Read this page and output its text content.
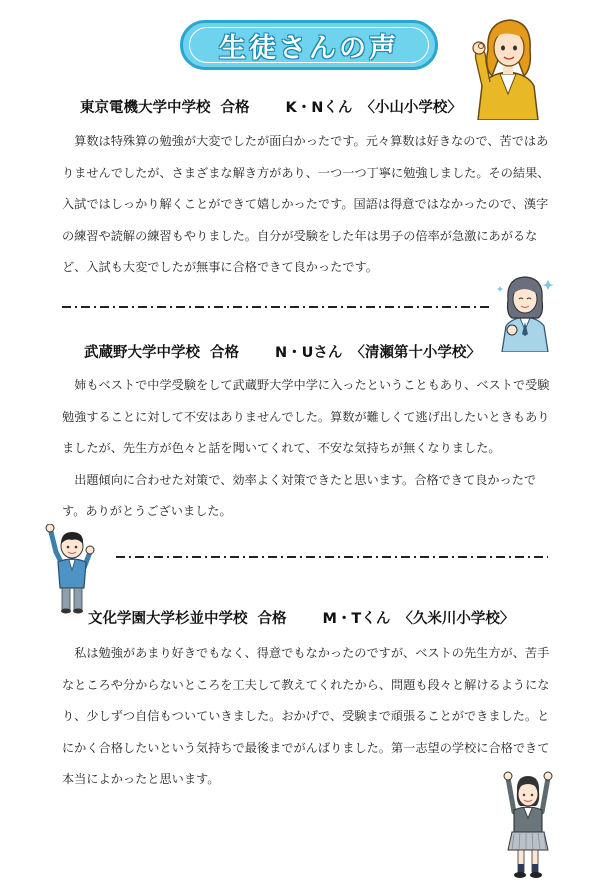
生徒さんの声
東京電機大学中学校 合格 K・Nくん 〈小山小学校〉

算数は特殊算の勉強が大変でしたが面白かったです。元々算数は好きなので、苦ではありませんでしたが、さまざまな解き方があり、一つ一つ丁寧に勉強しました。その結果、入試ではしっかり解くことができて嬉しかったです。国語は得意ではなかったので、漢字の練習や読解の練習もやりました。自分が受験をした年は男子の倍率が急激にあがるなど、入試も大変でしたが無事に合格できて良かったです。

武蔵野大学中学校 合格 N・Uさん 〈清瀬第十小学校〉

姉もベストで中学受験をして武蔵野大学中学に入ったということもあり、ベストで受験勉強することに対して不安はありませんでした。算数が難しくて逃げ出したいときもありましたが、先生方が色々と話を聞いてくれて、不安な気持ちが無くなりました。

出題傾向に合わせた対策で、効率よく対策できたと思います。合格できて良かったです。ありがとうございました。

文化学園大学杉並中学校 合格 M・Tくん 〈久米川小学校〉

私は勉強があまり好きでもなく、得意でもなかったのですが、ベストの先生方が、苦手なところや分からないところを工夫して教えてくれたから、問題も段々と解けるようになり、少しずつ自信もついていきました。おかげで、受験まで頑張ることができました。とにかく合格したいという気持ちで最後までがんばりました。第一志望の学校に合格できて本当によかったと思います。
